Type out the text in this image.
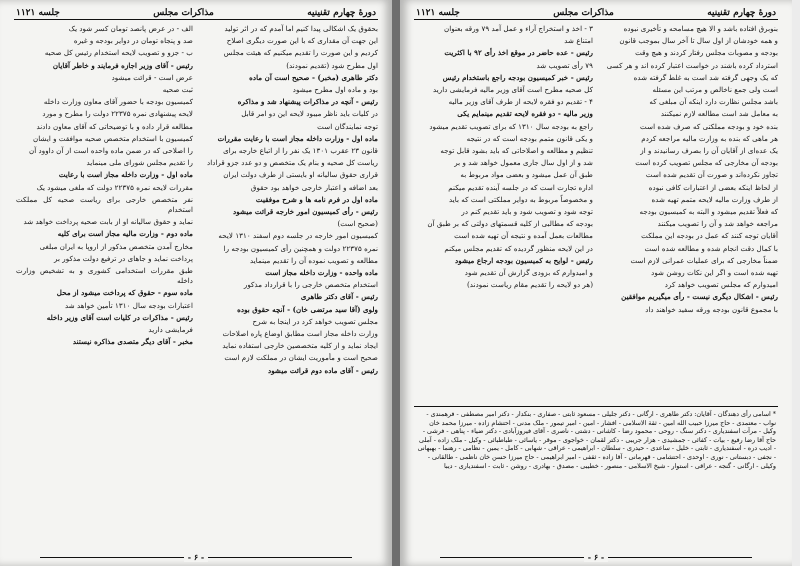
دورهٔ چهارم تقنینیه
مذاکرات مجلس
جلسه ۱۱۲۱

بحقوق یک اشکالی پیدا کنیم اما آمدم که در اثر تولید

این جهت آن مقداری که با این صورت دیگری اصلاح

کردیم و این صورت را تقدیم میکنیم که هیئت مجلس

اول مطرح شود (تقدیم نمودند)

دکتر طاهری (مخبر) - صحیح است آن ماده

بود و ماده اول مطرح میشود

رئیس - آنچه در مذاکرات پیشنهاد شد و مذاکره

در کلیات باید ناظر میبود لایحه این دو امر قابل

توجه نمایندگان است

ماده اول - وزارت داخله مجاز است با رعایت مقررات

قانون ۲۳ عقرب ۱۳۰۱ یک نفر را از اتباع خارجه برای

ریاست کل صحیه و بنام یک متخصص و دو عدد جزو قراداد

قراری حقوق سالیانه او بایستی از طرف دولت ایران

بعد اضافه و اعتبار خارجی خواهد بود حقوق

ماده اول در فرم نامه ها و شرح موفقیت

رئیس - رأی کمیسیون امور خارجه قرائت میشود

(صحیح است)

کمیسیون امور خارجه در جلسه دوم اسفند ۱۳۱۰ لایحه

نمره ۲۲۳۷۵ دولت و همچنین رأی کمیسیون بودجه را

مطالعه و تصویب نموده آن را تقدیم مینماید

ماده واحده - وزارت داخله مجاز است

استخدام متخصص خارجی را با قرارداد مذکور

رئیس - آقای دکتر طاهری

ولوی (آقا سید مرتضی خان) - آنچه حقوق بوده

مجلس تصویب خواهد کرد در اینجا به شرح

وزارت داخله مجاز است مطابق اوضاع پاره اصلاحات

ایجاد نماید و از کلیه متخصصین خارجی استفاده نماید

صحیح است و مأموریت ایشان در مملکت لازم است

رئیس - آقای ماده دوم قرائت میشود

الف - در عرض پانصد تومان کسر شود یک

صد و پنجاه تومان در دوایر بودجه و غیره

ب - جزو و تصویب لایحه استخدام رئیس کل صحیه

رئیس - آقای وزیر اجازه فرمایند و خاطر آقایان

عرض است - قرائت میشود

ثبت صحیه

کمیسیون بودجه با حضور آقای معاون وزارت داخله

لایحه پیشنهادی نمره ۲۲۳۷۵ دولت را مطرح و مورد

مطالعه قرار داده و با توضیحاتی که آقای معاون دادند

کمیسیون با استخدام متخصص صحیه موافقت و ایشان

را اصلاحی که در ضمن ماده واحده است از آن داوود آن

را تقدیم مجلس شورای ملی مینماید

ماده اول - وزارت داخله مجاز است با رعایت

مقررات لایحه نمره ۲۲۳۷۵ دولت که ملغی میشود یک

نفر متخصص خارجی برای ریاست صحیه کل مملکت استخدام

نماید و حقوق سالیانه او از بابت صحیه پرداخت خواهد شد

ماده دوم - وزارت مالیه مجاز است برای کلیه

مخارج آمدن متخصص مذکور از اروپا به ایران مبلغی

پرداخت نماید و جاهای در ترفیع دولت مذکور بر

طبق مقررات استخدامی کشوری و به تشخیص وزارت داخله

ماده سوم - حقوق که پرداخت میشود از محل

اعتبارات بودجه سال ۱۳۱۰ تأمین خواهد شد

رئیس - مذاکرات در کلیات است آقای وزیر داخله

فرمایشی دارید

مخبر - آقای دیگر متصدی مذاکره نیستند

- ۶ -
دورهٔ چهارم تقنینیه
مذاکرات مجلس
جلسه ۱۱۲۱

بنوبرق افتاده باشد و الا هیچ مسامحه و تأخیری نبوده

و همه خودشان از اول سال تا آخر سال بموجب قانون

بودجه و مصوبات مجلس رفتار کردند و هیچ وقت

استرداد کرده باشند در خواست اعتبار کرده اند و هر کسی

که یک وجهی گرفته شد است به غلط گرفته شده

است ولی جمع ناخالص و مرتب این مسئله

باشد مجلس نظارت دارد اینکه آن مبلغی که

به معامل شد است مطالعه لازم نمیکنند

بنده خود و بودجه مملکتی که صرف شده است

هر ماهی که بنده به وزارت مالیه مراجعه کردم

یک عده‌ای از آقایان آن را بصرف رسانیدند و از

بودجه آن مخارجی که مجلس تصویب کرده است

تجاوز نکرده‌اند و صورت آن تقدیم شده است

از لحاظ اینکه بعضی از اعتبارات کافی نبوده

از طرف وزارت مالیه لایحه متمم تهیه شده

که فعلاً تقدیم میشود و البته به کمیسیون بودجه

مراجعه خواهد شد و آن را تصویب میکنند

آقایان توجه کنند که عمل در بودجه این مملکت

با کمال دقت انجام شده و مطالعه شده است

ضمناً مخارجی که برای عملیات عمرانی لازم است

تهیه شده است و اگر این نکات روشن شود

امیدوارم که مجلس تصویب خواهد کرد

رئیس - اشکال دیگری نیست - رأی میگیریم موافقین

با مجموع قانون بودجه ورقه سفید خواهند داد

۳ - اخذ و استخراج آراء و عمل آمد ۷۹ ورقه بعنوان

امتناع شد

رئیس - عده حاضر در موقع اخذ رأی ۹۲ با اکثریت

۷۹ رأی تصویب شد

رئیس - خبر کمیسیون بودجه راجع باستخدام رئیس

کل صحیه مطرح است آقای وزیر مالیه فرمایشی دارید

۴ - تقدیم دو فقره لایحه از طرف آقای وزیر مالیه

وزیر مالیه - دو فقره لایحه تقدیم مینمایم یکی

راجع به بودجه سال ۱۳۱۰ که برای تصویب تقدیم میشود

و یکی قانون متمم بودجه است که در نتیجه

تنظیم و مطالعه و اصلاحاتی که باید بشود قابل توجه

شد و از اول سال جاری معمول خواهد شد و بر

طبق آن عمل میشود و بعضی مواد مربوط به

اداره تجارت است که در جلسه آینده تقدیم میکنم

و مخصوصاً مربوط به دوایر مملکتی است که باید

توجه شود و تصویب شود و باید تقدیم کنم در

بودجه که مطالبی از کلیه قسمتهای دولتی که بر طبق آن

مطالعات بعمل آمده و نتیجه آن تهیه شده است

در این لایحه منظور گردیده که تقدیم مجلس میکنم

رئیس - لوایح به کمیسیون بودجه ارجاع میشود

و امیدوارم که بزودی گزارش آن تقدیم شود

(هر دو لایحه را تقدیم مقام ریاست نمودند)

* اسامی رأی دهندگان - آقایان: دکتر طاهری - ارگانی - دکتر جلیلی - مسعود ثابتی - صفاری - بنکدار - دکتر امیر مصطفی - فرهمندی - نواب - معتمدی - حاج میرزا حبیب الله امین - ثقة الاسلامی - افشار - امین - امیر تیمور - ملک مدنی - احتشام زاده - میرزا محمد خان وکیل - مرآت اسفندیاری - دکتر سنگ - روحی - محمود رضا - کاشانی - دشتی - ناصری - آقای فیروزآبادی - دکتر ضیاء - پناهی - فرشی - حاج آقا رضا رفیع - بیات - کفائی - جمشیدی - هزار جریبی - دکتر لقمان - خواجوی - موقر - یاسائی - طباطبائی - وکیل - ملک زاده - آملی - ادیب دره - اسفندیاری - ثابتی - خلیل - ساعدی - حیدری - سلطان - ابراهیمی - عراقی - شهابی - کامل - یمین - نظامی - رهنما - بهبهانی - نجفی - دبستانی - نوری - اوحدی - احتشامی - قهرمانی - آقا زاده - ثقفی - امیر ابراهیمی - حاج میرزا حسن خان ناظمی - طالقانی - وکیلی - ارگانی - گنجه - عراقی - استوار - شیخ الاسلامی - منصور - خطیبی - مصدق - بهادری - روشن - ثابت - اسفندیاری - دیبا
- ۶ -
